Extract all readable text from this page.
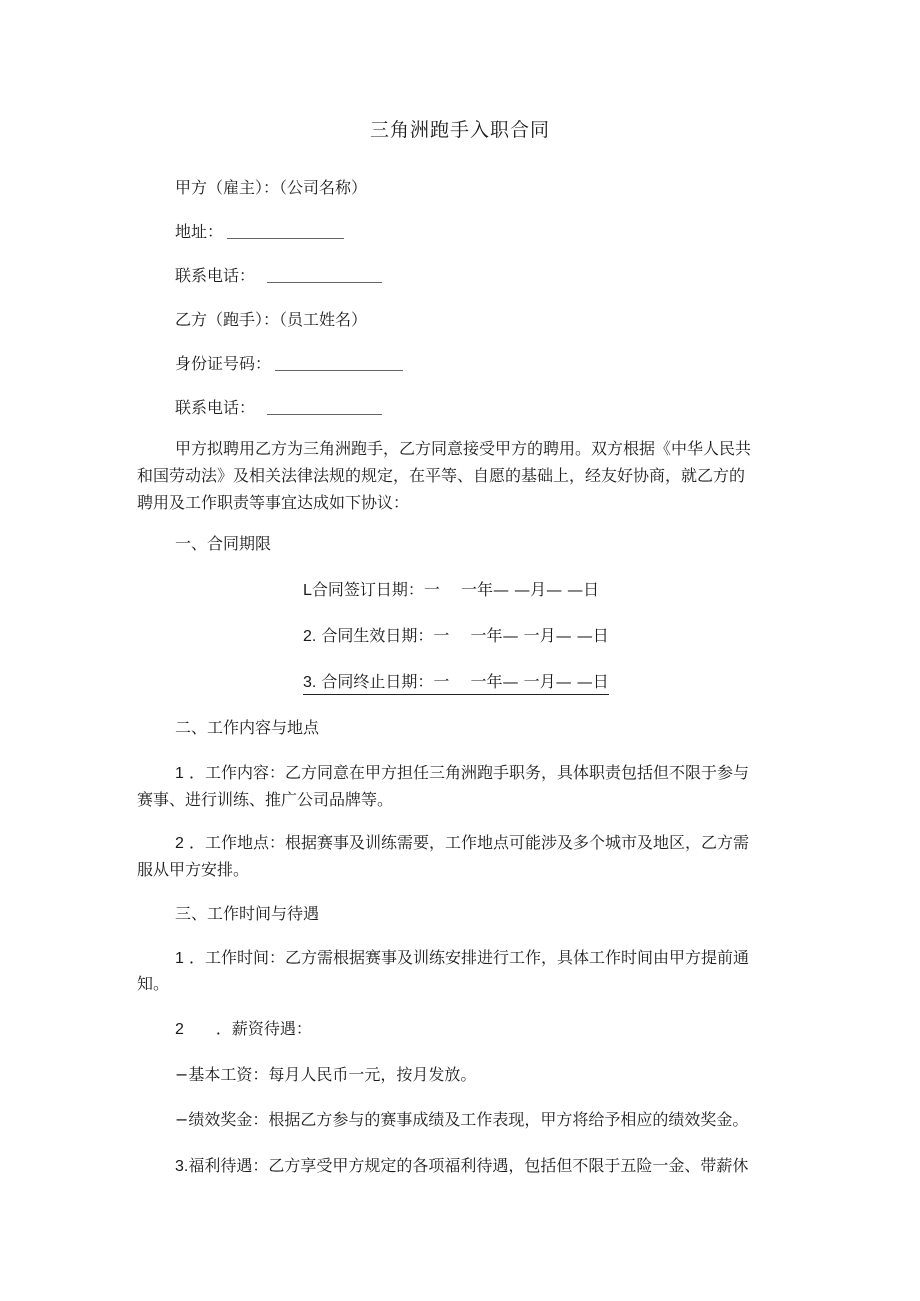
三角洲跑手入职合同
甲方（雇主）：（公司名称）
地址：
联系电话：
乙方（跑手）：（员工姓名）
身份证号码：
联系电话：
甲方拟聘用乙方为三角洲跑手，乙方同意接受甲方的聘用。双方根据《中华人民共
和国劳动法》及相关法律法规的规定，在平等、自愿的基础上，经友好协商，就乙方的
聘用及工作职责等事宜达成如下协议：
一、合同期限
L合同签订日期：一　 一年— —月— —日
2. 合同生效日期：一　 一年— 一月— —日
3. 合同终止日期：一　 一年— 一月— —日
二、工作内容与地点
1 ．工作内容：乙方同意在甲方担任三角洲跑手职务，具体职责包括但不限于参与
赛事、进行训练、推广公司品牌等。
2 ．工作地点：根据赛事及训练需要，工作地点可能涉及多个城市及地区，乙方需
服从甲方安排。
三、工作时间与待遇
1 ．工作时间：乙方需根据赛事及训练安排进行工作，具体工作时间由甲方提前通
知。
2 ．薪资待遇：
−基本工资：每月人民币一元，按月发放。
−绩效奖金：根据乙方参与的赛事成绩及工作表现，甲方将给予相应的绩效奖金。
3.福利待遇：乙方享受甲方规定的各项福利待遇，包括但不限于五险一金、带薪休
